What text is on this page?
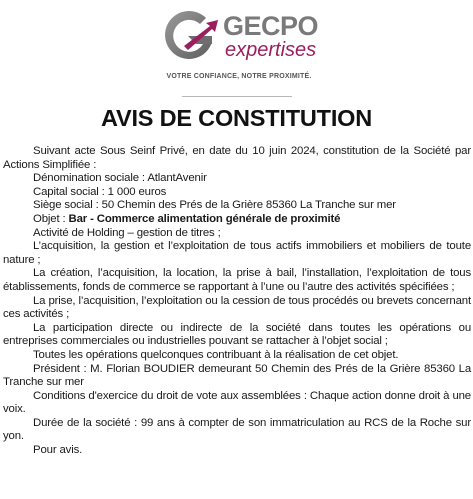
GECPO
expertises
VOTRE CONFIANCE, NOTRE PROXIMITÉ.
AVIS DE CONSTITUTION

Suivant acte Sous Seinf Privé, en date du 10 juin 2024, constitution de la Société par Actions Simplifiée :

Dénomination sociale : AtlantAvenir

Capital social : 1 000 euros

Siège social : 50 Chemin des Prés de la Grière 85360 La Tranche sur mer

Objet : Bar - Commerce alimentation générale de proximité

Activité de Holding – gestion de titres ;

L’acquisition, la gestion et l’exploitation de tous actifs immobiliers et mobiliers de toute nature ;

La création, l’acquisition, la location, la prise à bail, l’installation, l’exploitation de tous établissements, fonds de commerce se rapportant à l’une ou l’autre des activités spécifiées ;

La prise, l’acquisition, l’exploitation ou la cession de tous procédés ou brevets concernant ces activités ;

La participation directe ou indirecte de la société dans toutes les opérations ou entreprises commerciales ou industrielles pouvant se rattacher à l’objet social ;

Toutes les opérations quelconques contribuant à la réalisation de cet objet.

Président : M. Florian BOUDIER demeurant 50 Chemin des Prés de la Grière 85360 La Tranche sur mer

Conditions d'exercice du droit de vote aux assemblées : Chaque action donne droit à une voix.

Durée de la société : 99 ans à compter de son immatriculation au RCS de la Roche sur yon.

Pour avis.
